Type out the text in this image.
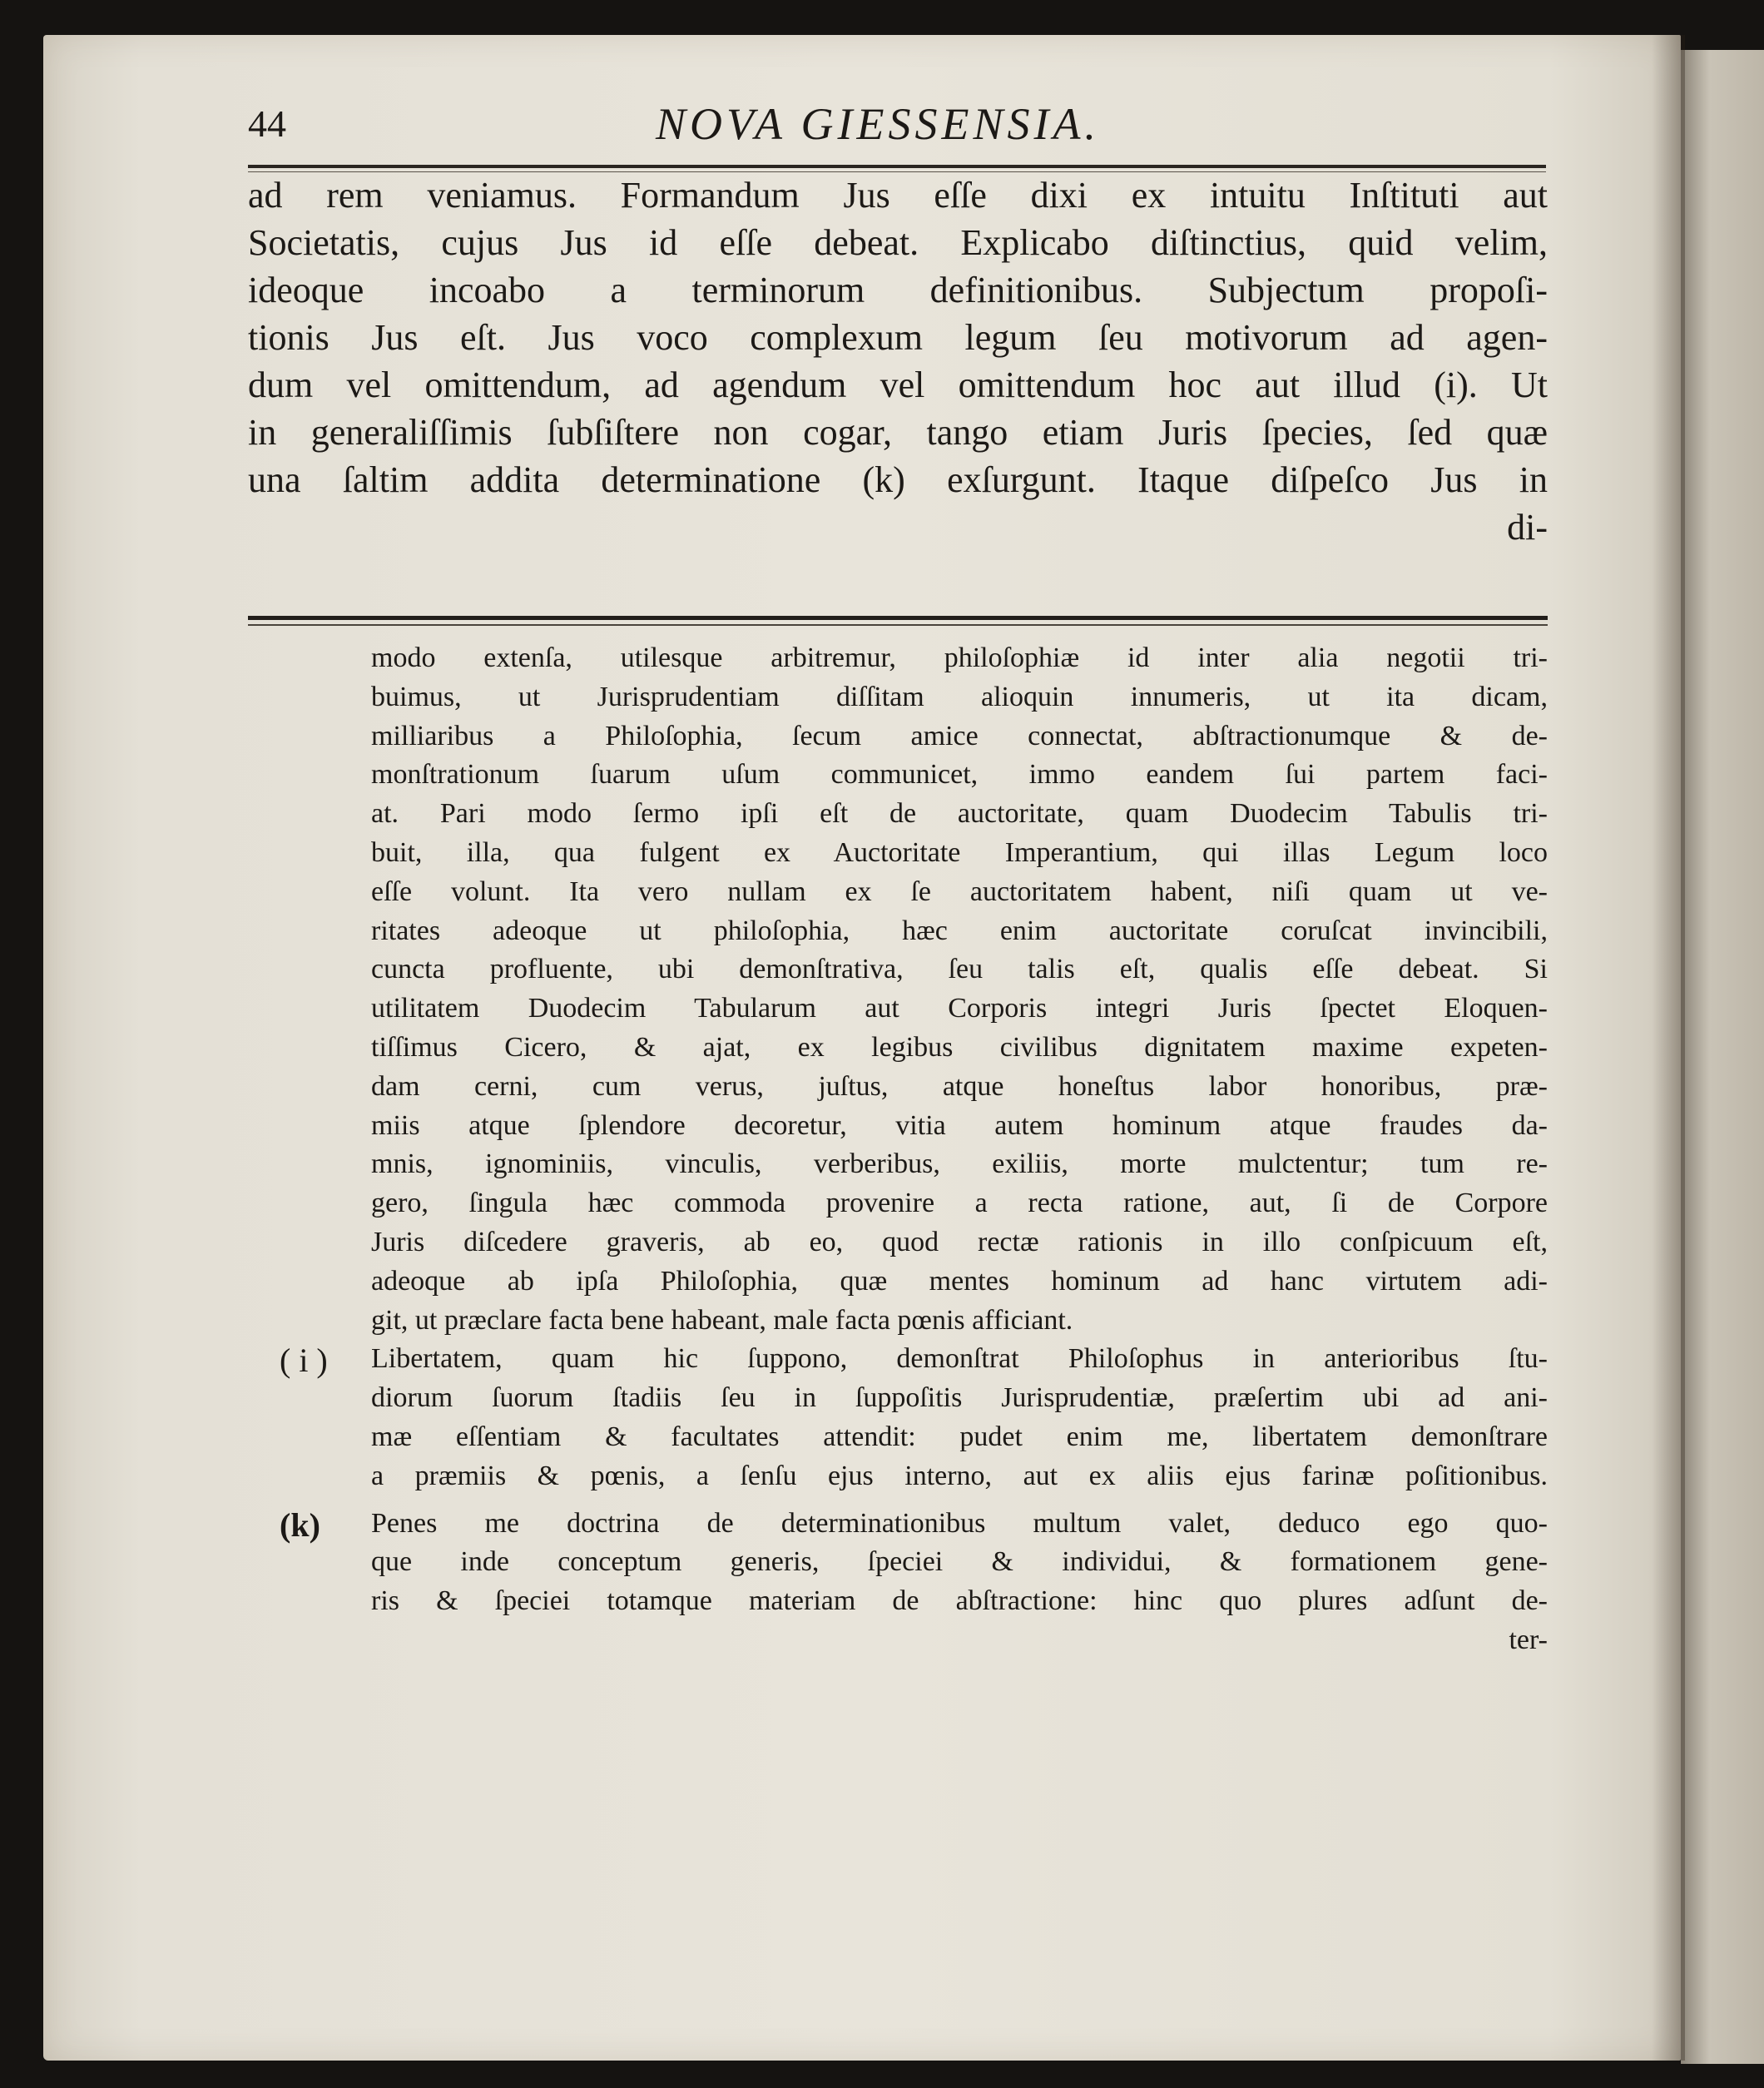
44	NOVA GIESSENSIA.
ad rem veniamus. Formandum Jus eſſe dixi ex intuitu Inſtituti aut
Societatis, cujus Jus id eſſe debeat. Explicabo diſtinctius, quid velim,
ideoque incoabo a terminorum definitionibus. Subjectum propoſi-
tionis Jus eſt. Jus voco complexum legum ſeu motivorum ad agen-
dum vel omittendum, ad agendum vel omittendum hoc aut illud (i). Ut
in generaliſſimis ſubſiſtere non cogar, tango etiam Juris ſpecies, ſed quæ
una ſaltim addita determinatione (k) exſurgunt. Itaque diſpeſco Jus in
di-
modo extenſa, utilesque arbitremur, philoſophiæ id inter alia negotii tri-
buimus, ut Jurisprudentiam diſſitam alioquin innumeris, ut ita dicam,
milliaribus a Philoſophia, ſecum amice connectat, abſtractionumque & de-
monſtrationum ſuarum uſum communicet, immo eandem ſui partem faci-
at. Pari modo ſermo ipſi eſt de auctoritate, quam Duodecim Tabulis tri-
buit, illa, qua fulgent ex Auctoritate Imperantium, qui illas Legum loco
eſſe volunt. Ita vero nullam ex ſe auctoritatem habent, niſi quam ut ve-
ritates adeoque ut philoſophia, hæc enim auctoritate coruſcat invincibili,
cuncta profluente, ubi demonſtrativa, ſeu talis eſt, qualis eſſe debeat. Si
utilitatem Duodecim Tabularum aut Corporis integri Juris ſpectet Eloquen-
tiſſimus Cicero, & ajat, ex legibus civilibus dignitatem maxime expeten-
dam cerni, cum verus, juſtus, atque honeſtus labor honoribus, præ-
miis atque ſplendore decoretur, vitia autem hominum atque fraudes da-
mnis, ignominiis, vinculis, verberibus, exiliis, morte mulctentur; tum re-
gero, ſingula hæc commoda provenire a recta ratione, aut, ſi de Corpore
Juris diſcedere graveris, ab eo, quod rectæ rationis in illo conſpicuum eſt,
adeoque ab ipſa Philoſophia, quæ mentes hominum ad hanc virtutem adi-
git, ut præclare facta bene habeant, male facta pœnis afficiant.
( i ) Libertatem, quam hic ſuppono, demonſtrat Philoſophus in anterioribus ſtu-
diorum ſuorum ſtadiis ſeu in ſuppoſitis Jurisprudentiæ, præſertim ubi ad ani-
mæ eſſentiam & facultates attendit: pudet enim me, libertatem demonſtrare
a præmiis & pœnis, a ſenſu ejus interno, aut ex aliis ejus farinæ poſitionibus.
(k) Penes me doctrina de determinationibus multum valet, deduco ego quo-
que inde conceptum generis, ſpeciei & individui, & formationem gene-
ris & ſpeciei totamque materiam de abſtractione: hinc quo plures adſunt de-
ter-
